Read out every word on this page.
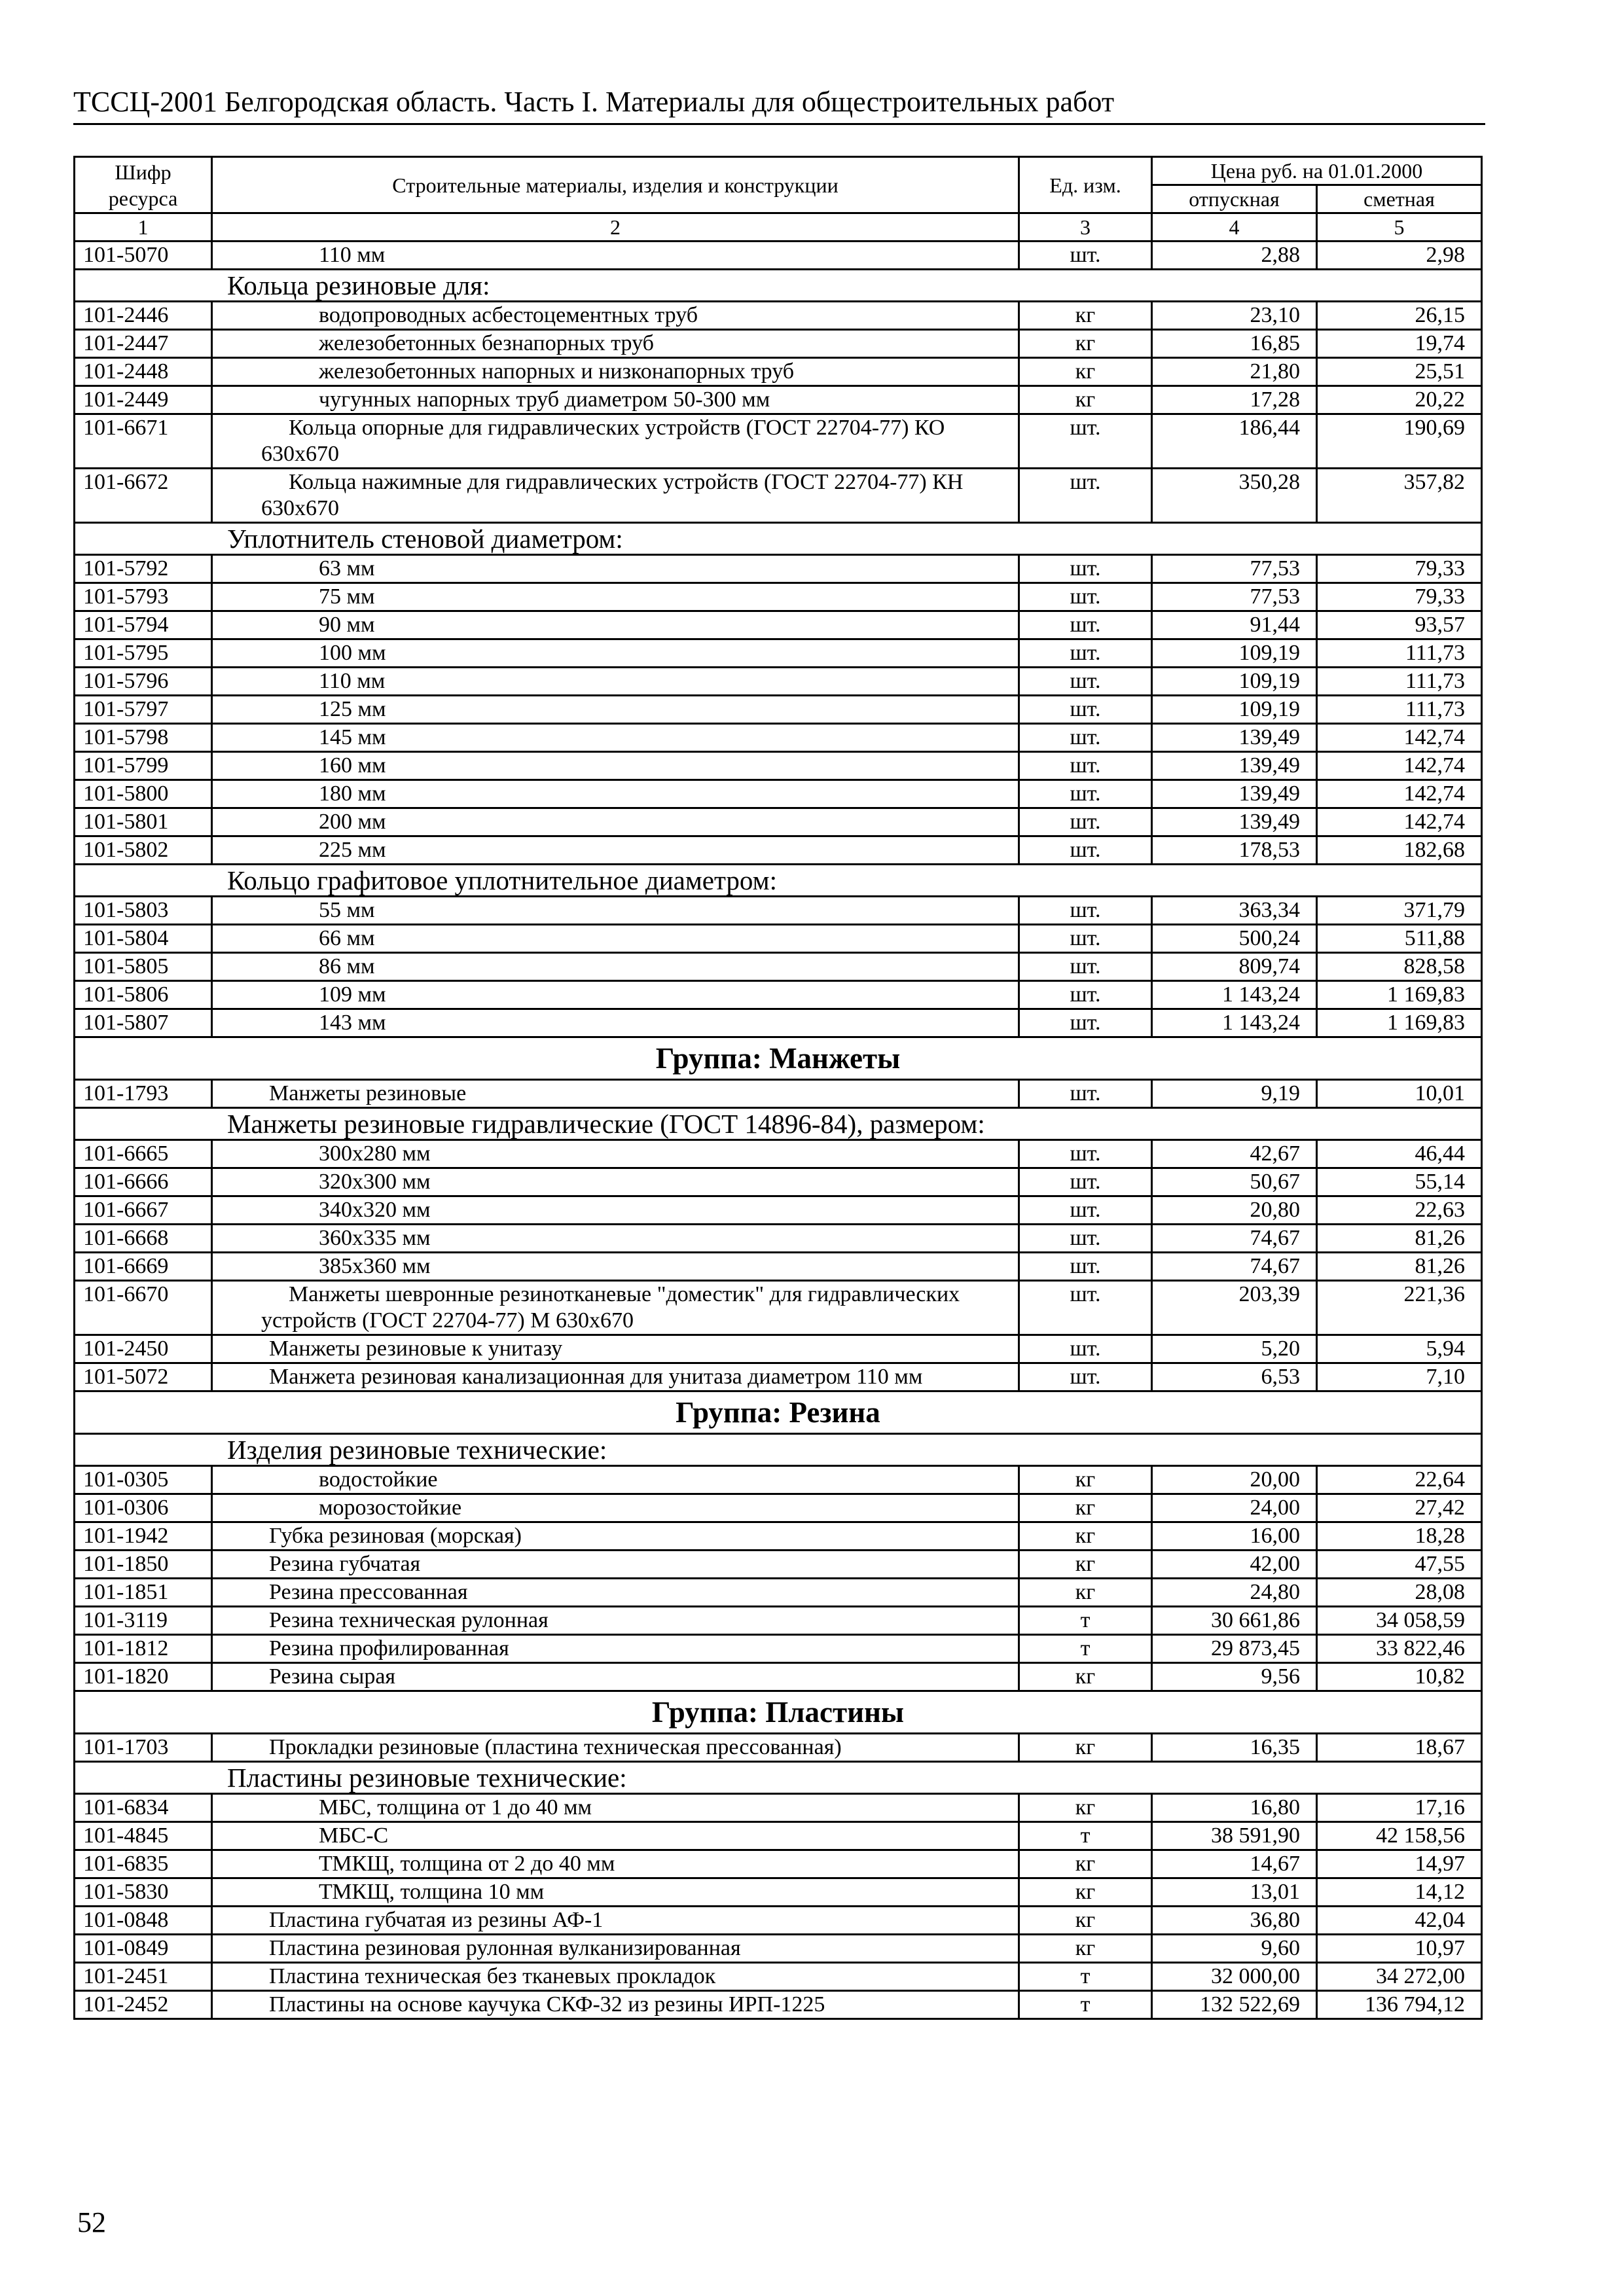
ТССЦ-2001 Белгородская область. Часть I. Материалы для общестроительных работ
Шифр ресурса	Строительные материалы, изделия и конструкции	Ед. изм.	Цена руб. на 01.01.2000	
			отпускная	сметная
1	2	3	4	5
101-5070	110 мм	шт.	2,88	2,98
Кольца резиновые для:				
101-2446	водопроводных асбестоцементных труб	кг	23,10	26,15
101-2447	железобетонных безнапорных труб	кг	16,85	19,74
101-2448	железобетонных напорных и низконапорных труб	кг	21,80	25,51
101-2449	чугунных напорных труб диаметром 50-300 мм	кг	17,28	20,22
101-6671	Кольца опорные для гидравлических устройств (ГОСТ 22704-77) КО 630x670	шт.	186,44	190,69
101-6672	Кольца нажимные для гидравлических устройств (ГОСТ 22704-77) КН 630x670	шт.	350,28	357,82
Уплотнитель стеновой диаметром:				
101-5792	63 мм	шт.	77,53	79,33
101-5793	75 мм	шт.	77,53	79,33
101-5794	90 мм	шт.	91,44	93,57
101-5795	100 мм	шт.	109,19	111,73
101-5796	110 мм	шт.	109,19	111,73
101-5797	125 мм	шт.	109,19	111,73
101-5798	145 мм	шт.	139,49	142,74
101-5799	160 мм	шт.	139,49	142,74
101-5800	180 мм	шт.	139,49	142,74
101-5801	200 мм	шт.	139,49	142,74
101-5802	225 мм	шт.	178,53	182,68
Кольцо графитовое уплотнительное диаметром:				
101-5803	55 мм	шт.	363,34	371,79
101-5804	66 мм	шт.	500,24	511,88
101-5805	86 мм	шт.	809,74	828,58
101-5806	109 мм	шт.	1 143,24	1 169,83
101-5807	143 мм	шт.	1 143,24	1 169,83
Группа: Манжеты				
101-1793	Манжеты резиновые	шт.	9,19	10,01
Манжеты резиновые гидравлические (ГОСТ 14896-84), размером:				
101-6665	300x280 мм	шт.	42,67	46,44
101-6666	320x300 мм	шт.	50,67	55,14
101-6667	340x320 мм	шт.	20,80	22,63
101-6668	360x335 мм	шт.	74,67	81,26
101-6669	385x360 мм	шт.	74,67	81,26
101-6670	Манжеты шевронные резинотканевые "доместик" для гидравлических устройств (ГОСТ 22704-77) М 630x670	шт.	203,39	221,36
101-2450	Манжеты резиновые к унитазу	шт.	5,20	5,94
101-5072	Манжета резиновая канализационная для унитаза диаметром 110 мм	шт.	6,53	7,10
Группа: Резина				
Изделия резиновые технические:				
101-0305	водостойкие	кг	20,00	22,64
101-0306	морозостойкие	кг	24,00	27,42
101-1942	Губка резиновая (морская)	кг	16,00	18,28
101-1850	Резина губчатая	кг	42,00	47,55
101-1851	Резина прессованная	кг	24,80	28,08
101-3119	Резина техническая рулонная	т	30 661,86	34 058,59
101-1812	Резина профилированная	т	29 873,45	33 822,46
101-1820	Резина сырая	кг	9,56	10,82
Группа: Пластины				
101-1703	Прокладки резиновые (пластина техническая прессованная)	кг	16,35	18,67
Пластины резиновые технические:				
101-6834	МБС, толщина от 1 до 40 мм	кг	16,80	17,16
101-4845	МБС-С	т	38 591,90	42 158,56
101-6835	ТМКЩ, толщина от 2 до 40 мм	кг	14,67	14,97
101-5830	ТМКЩ, толщина 10 мм	кг	13,01	14,12
101-0848	Пластина губчатая из резины АФ-1	кг	36,80	42,04
101-0849	Пластина резиновая рулонная вулканизированная	кг	9,60	10,97
101-2451	Пластина техническая без тканевых прокладок	т	32 000,00	34 272,00
101-2452	Пластины на основе каучука СКФ-32 из резины ИРП-1225	т	132 522,69	136 794,12
52
